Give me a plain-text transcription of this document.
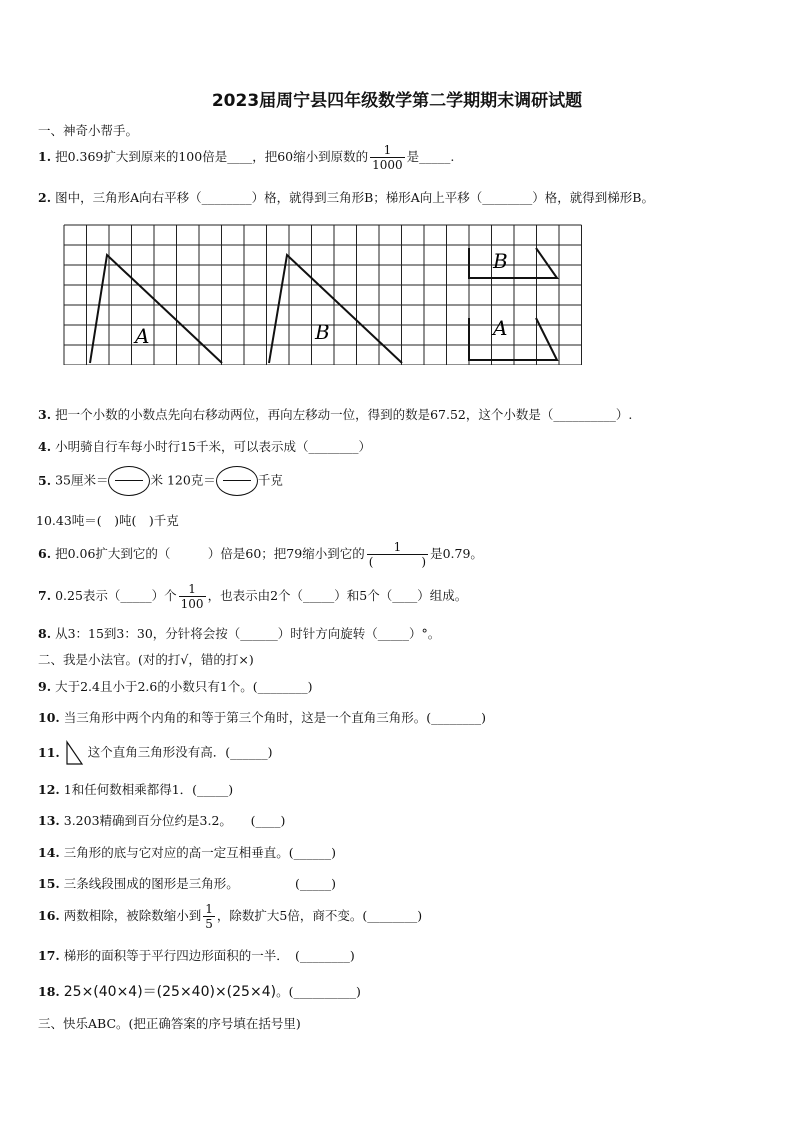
2023届周宁县四年级数学第二学期期末调研试题
一、神奇小帮手。
1. 把0.369扩大到原来的100倍是____，把60缩小到原数的 $\frac{1}{1000}$ 是_____.
2. 图中，三角形A向右平移（________）格，就得到三角形B；梯形A向上平移（________）格，就得到梯形B。
A	B
B
A
3. 把一个小数的小数点先向右移动两位，再向左移动一位，得到的数是67.52，这个小数是（__________）.
4. 小明骑自行车每小时行15千米，可以表示成（________）
5. 35厘米＝	米 120克＝	千克
10.43吨＝(　)吨(　)千克
6. 把0.06扩大到它的（　　　）倍是60；把79缩小到它的 $\frac{1}{( )}$ 是0.79。
7. 0.25表示（_____）个 $\frac{1}{100}$ ，也表示由2个（_____）和5个（____）组成。
8. 从3：15到3：30，分针将会按（______）时针方向旋转（_____）°。
二、我是小法官。(对的打√，错的打×)
9. 大于2.4且小于2.6的小数只有1个。(________)
10. 当三角形中两个内角的和等于第三个角时，这是一个直角三角形。(________)
11. 这个直角三角形没有高．(______)
12. 1和任何数相乘都得1．(_____)
13. 3.203精确到百分位约是3.2。　　(____)
14. 三角形的底与它对应的高一定互相垂直。(______)
15. 三条线段围成的图形是三角形。　　　　　(_____)
16. 两数相除，被除数缩小到 $\frac{1}{5}$ ，除数扩大5倍，商不变。(________)
17. 梯形的面积等于平行四边形面积的一半．　(________)
18. 25×(40×4)＝(25×40)×(25×4)。(__________)
三、快乐ABC。(把正确答案的序号填在括号里)
